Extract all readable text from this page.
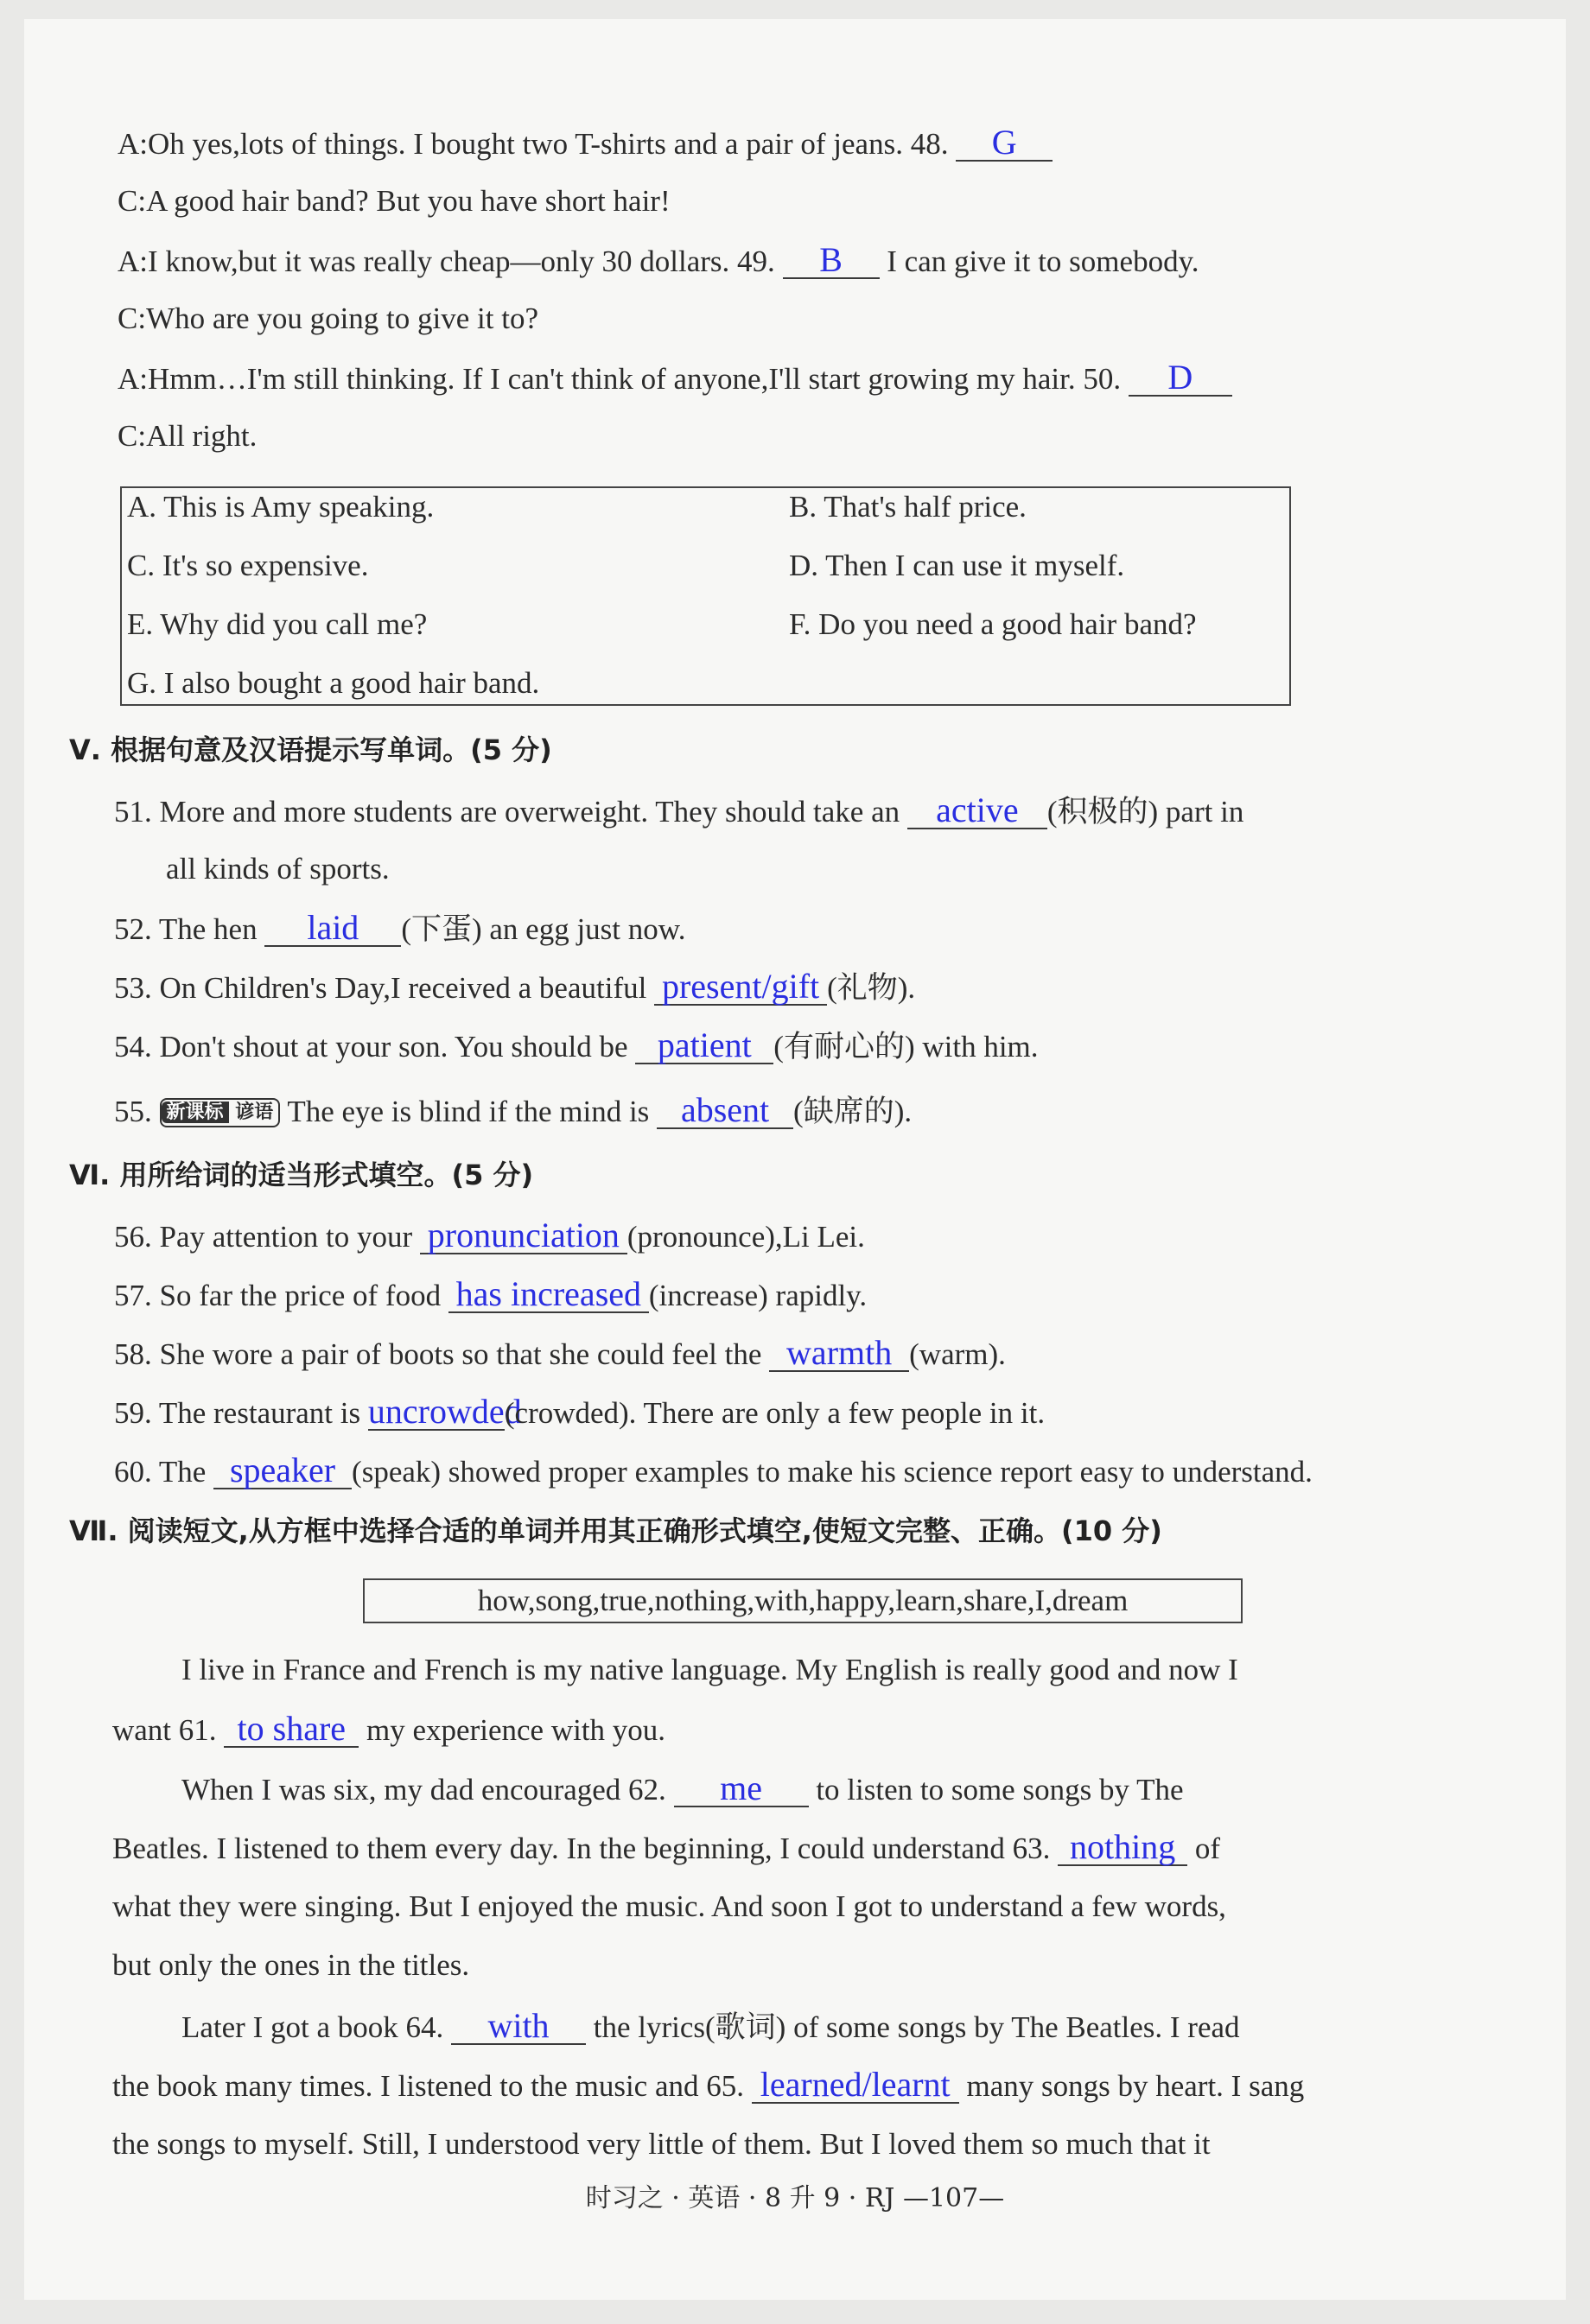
A:Oh yes,lots of things. I bought two T-shirts and a pair of jeans. 48. G
C:A good hair band? But you have short hair!
A:I know,but it was really cheap—only 30 dollars. 49. B I can give it to somebody.
C:Who are you going to give it to?
A:Hmm…I'm still thinking. If I can't think of anyone,I'll start growing my hair. 50. D
C:All right.
A. This is Amy speaking.	B. That's half price.
C. It's so expensive.	D. Then I can use it myself.
E. Why did you call me?	F. Do you need a good hair band?
G. I also bought a good hair band.
Ⅴ. 根据句意及汉语提示写单词。(5 分)
51. More and more students are overweight. They should take an active (积极的) part in
all kinds of sports.
52. The hen laid (下蛋) an egg just now.
53. On Children's Day,I received a beautiful present/gift (礼物).
54. Don't shout at your son. You should be patient (有耐心的) with him.
55. 新课标 谚语 The eye is blind if the mind is absent (缺席的).
Ⅵ. 用所给词的适当形式填空。(5 分)
56. Pay attention to your pronunciation (pronounce),Li Lei.
57. So far the price of food has increased (increase) rapidly.
58. She wore a pair of boots so that she could feel the warmth (warm).
59. The restaurant is uncrowded(crowded). There are only a few people in it.
60. The speaker (speak) showed proper examples to make his science report easy to understand.
Ⅶ. 阅读短文,从方框中选择合适的单词并用其正确形式填空,使短文完整、正确。(10 分)
how,song,true,nothing,with,happy,learn,share,I,dream
I live in France and French is my native language. My English is really good and now I
want 61. to share my experience with you.
When I was six, my dad encouraged 62. me to listen to some songs by The
Beatles. I listened to them every day. In the beginning, I could understand 63. nothing of
what they were singing. But I enjoyed the music. And soon I got to understand a few words,
but only the ones in the titles.
Later I got a book 64. with the lyrics(歌词) of some songs by The Beatles. I read
the book many times. I listened to the music and 65. learned/learnt many songs by heart. I sang
the songs to myself. Still, I understood very little of them. But I loved them so much that it
时习之 · 英语 · 8 升 9 · RJ —107—
